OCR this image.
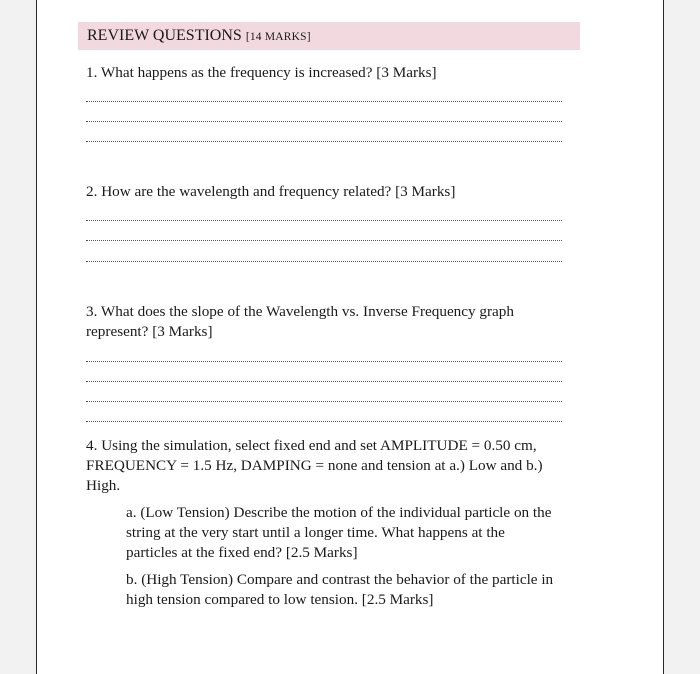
REVIEW QUESTIONS [14 MARKS]
1. What happens as the frequency is increased? [3 Marks]
2. How are the wavelength and frequency related? [3 Marks]
3. What does the slope of the Wavelength vs. Inverse Frequency graph
represent? [3 Marks]
4. Using the simulation, select fixed end and set AMPLITUDE = 0.50 cm,
FREQUENCY = 1.5 Hz, DAMPING = none and tension at a.) Low and b.)
High.
a. (Low Tension) Describe the motion of the individual particle on the
string at the very start until a longer time. What happens at the
particles at the fixed end? [2.5 Marks]
b. (High Tension) Compare and contrast the behavior of the particle in
high tension compared to low tension. [2.5 Marks]
